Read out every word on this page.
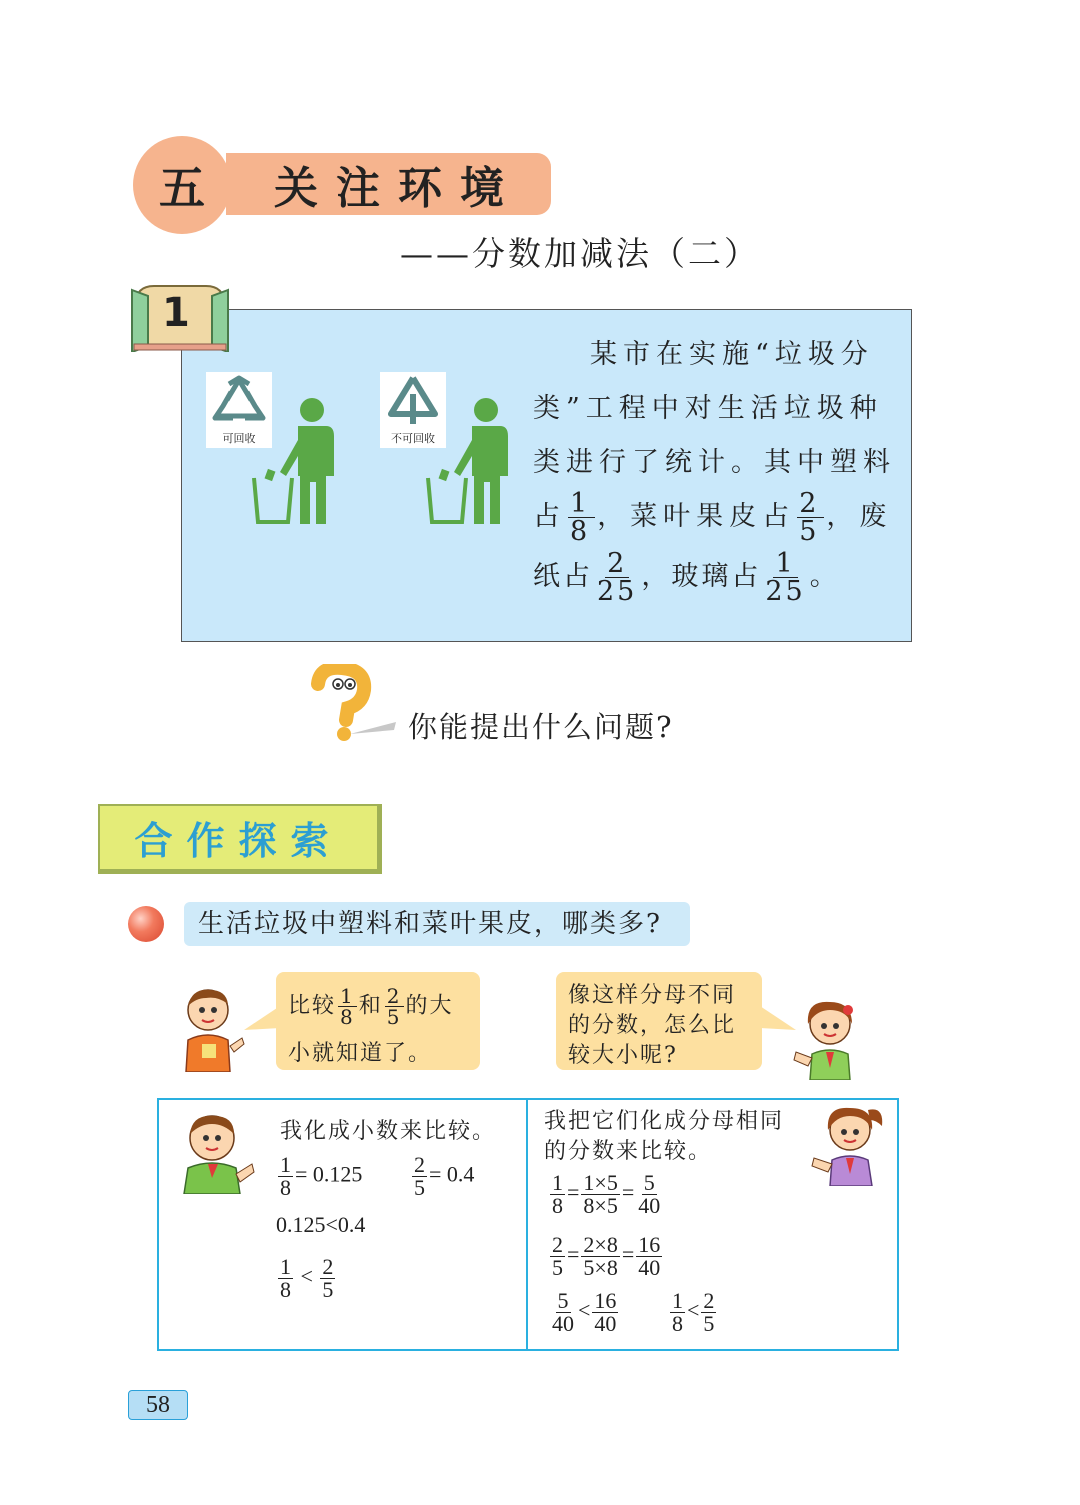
五	关注环境
——分数加减法（二）
1
可回收	不可回收
某市在实施“垃圾分
类”工程中对生活垃圾种
类进行了统计。其中塑料
占 $\frac{1}{8}$ ，菜叶果皮占 $\frac{2}{5}$ ，废
纸占 $\frac{2}{25}$ ，玻璃占 $\frac{1}{25}$ 。
你能提出什么问题?
合作探索
生活垃圾中塑料和菜叶果皮，哪类多?
比较 $\frac{1}{8}$ 和 $\frac{2}{5}$ 的大
小就知道了。
像这样分母不同
的分数，怎么比
较大小呢?
我化成小数来比较。
$\frac{1}{8} = 0.125 \frac{2}{5} = 0.4$
0.125<0.4
$\frac{1}{8} < \frac{2}{5}$
我把它们化成分母相同
的分数来比较。
$\frac{1}{8} = \frac{1\times 5}{8\times 5} = \frac{5}{40}$
$\frac{2}{5} = \frac{2\times 8}{5\times 8} = \frac{16}{40}$
$\frac{5}{40} < \frac{16}{40} \frac{1}{8} < \frac{2}{5}$
58
